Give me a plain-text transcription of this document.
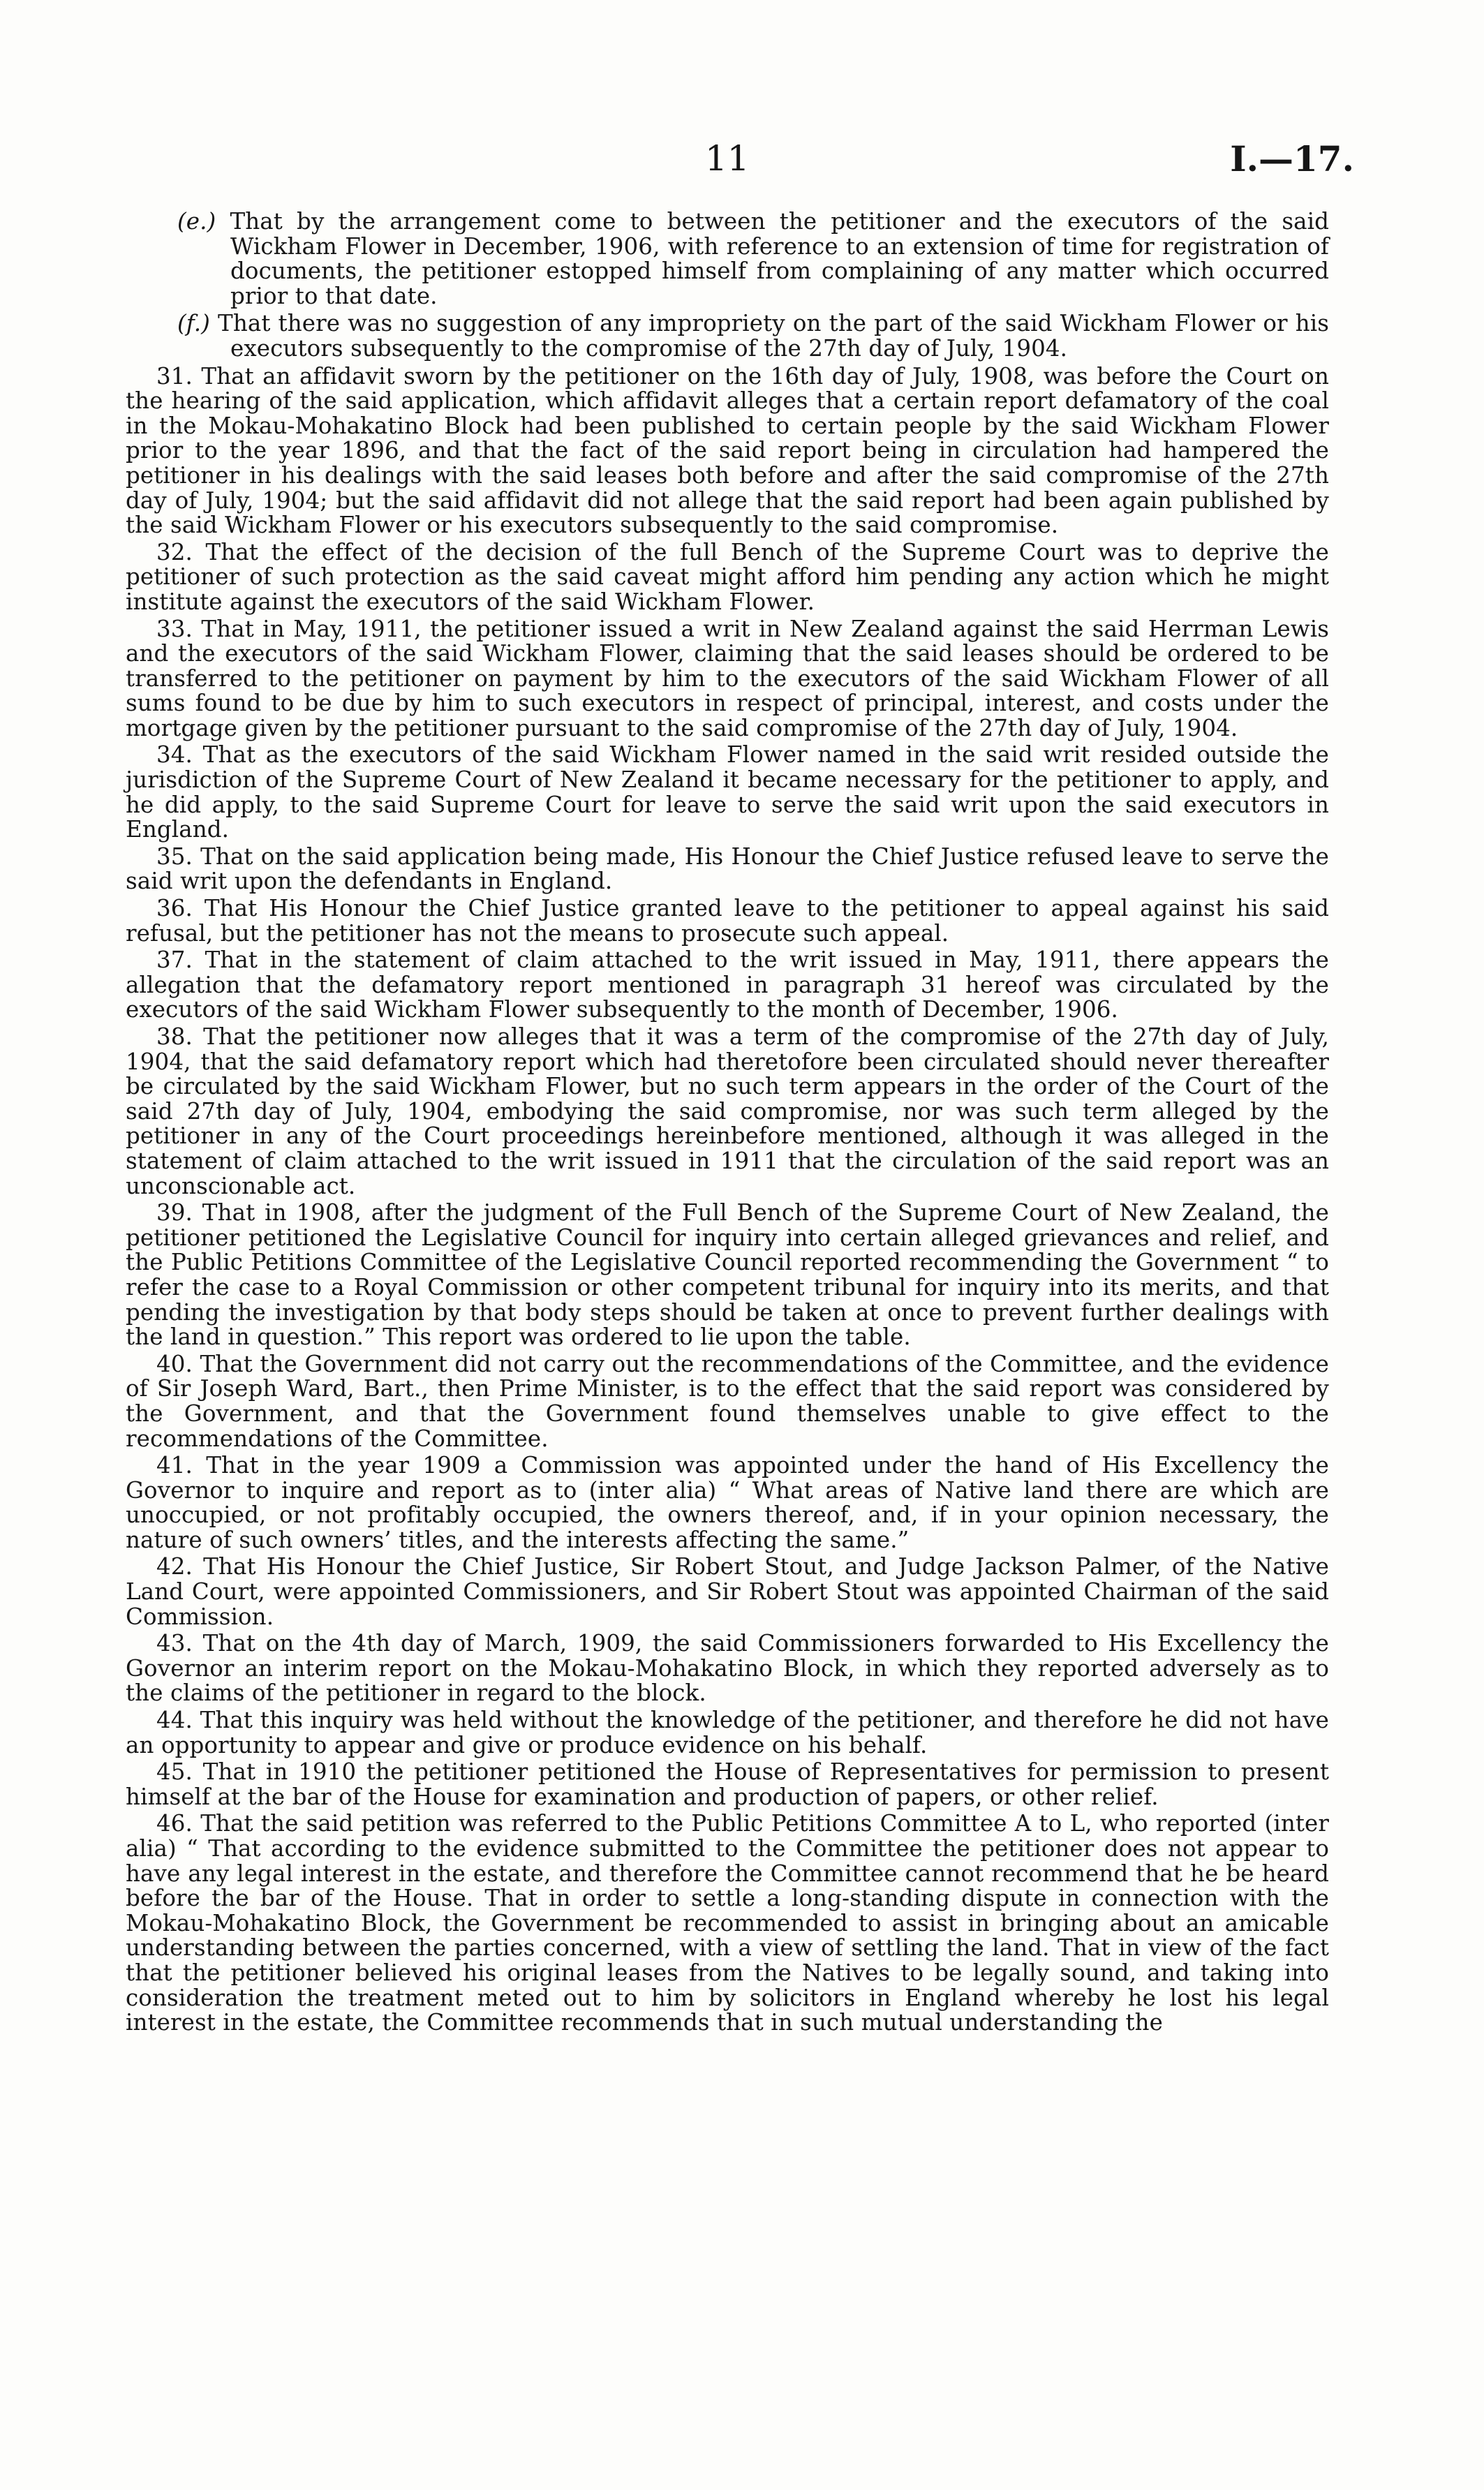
11	I.—17.

(e.) That by the arrangement come to between the petitioner and the executors of the said Wickham Flower in December, 1906, with reference to an extension of time for registration of documents, the petitioner estopped himself from complaining of any matter which occurred prior to that date.

(f.) That there was no suggestion of any impropriety on the part of the said Wickham Flower or his executors subsequently to the compromise of the 27th day of July, 1904.

31. That an affidavit sworn by the petitioner on the 16th day of July, 1908, was before the Court on the hearing of the said application, which affidavit alleges that a certain report defamatory of the coal in the Mokau-Mohakatino Block had been published to certain people by the said Wickham Flower prior to the year 1896, and that the fact of the said report being in circulation had hampered the petitioner in his dealings with the said leases both before and after the said compromise of the 27th day of July, 1904; but the said affidavit did not allege that the said report had been again published by the said Wickham Flower or his executors subsequently to the said compromise.

32. That the effect of the decision of the full Bench of the Supreme Court was to deprive the petitioner of such protection as the said caveat might afford him pending any action which he might institute against the executors of the said Wickham Flower.

33. That in May, 1911, the petitioner issued a writ in New Zealand against the said Herrman Lewis and the executors of the said Wickham Flower, claiming that the said leases should be ordered to be transferred to the petitioner on payment by him to the executors of the said Wickham Flower of all sums found to be due by him to such executors in respect of principal, interest, and costs under the mortgage given by the petitioner pursuant to the said compromise of the 27th day of July, 1904.

34. That as the executors of the said Wickham Flower named in the said writ resided outside the jurisdiction of the Supreme Court of New Zealand it became necessary for the petitioner to apply, and he did apply, to the said Supreme Court for leave to serve the said writ upon the said executors in England.

35. That on the said application being made, His Honour the Chief Justice refused leave to serve the said writ upon the defendants in England.

36. That His Honour the Chief Justice granted leave to the petitioner to appeal against his said refusal, but the petitioner has not the means to prosecute such appeal.

37. That in the statement of claim attached to the writ issued in May, 1911, there appears the allegation that the defamatory report mentioned in paragraph 31 hereof was circulated by the executors of the said Wickham Flower subsequently to the month of December, 1906.

38. That the petitioner now alleges that it was a term of the compromise of the 27th day of July, 1904, that the said defamatory report which had theretofore been circulated should never thereafter be circulated by the said Wickham Flower, but no such term appears in the order of the Court of the said 27th day of July, 1904, embodying the said compromise, nor was such term alleged by the petitioner in any of the Court proceedings hereinbefore mentioned, although it was alleged in the statement of claim attached to the writ issued in 1911 that the circulation of the said report was an unconscionable act.

39. That in 1908, after the judgment of the Full Bench of the Supreme Court of New Zealand, the petitioner petitioned the Legislative Council for inquiry into certain alleged grievances and relief, and the Public Petitions Committee of the Legislative Council reported recommending the Government “ to refer the case to a Royal Commission or other competent tribunal for inquiry into its merits, and that pending the investigation by that body steps should be taken at once to prevent further dealings with the land in question.” This report was ordered to lie upon the table.

40. That the Government did not carry out the recommendations of the Committee, and the evidence of Sir Joseph Ward, Bart., then Prime Minister, is to the effect that the said report was considered by the Government, and that the Government found themselves unable to give effect to the recommendations of the Committee.

41. That in the year 1909 a Commission was appointed under the hand of His Excellency the Governor to inquire and report as to (inter alia) “ What areas of Native land there are which are unoccupied, or not profitably occupied, the owners thereof, and, if in your opinion necessary, the nature of such owners’ titles, and the interests affecting the same.”

42. That His Honour the Chief Justice, Sir Robert Stout, and Judge Jackson Palmer, of the Native Land Court, were appointed Commissioners, and Sir Robert Stout was appointed Chairman of the said Commission.

43. That on the 4th day of March, 1909, the said Commissioners forwarded to His Excellency the Governor an interim report on the Mokau-Mohakatino Block, in which they reported adversely as to the claims of the petitioner in regard to the block.

44. That this inquiry was held without the knowledge of the petitioner, and therefore he did not have an opportunity to appear and give or produce evidence on his behalf.

45. That in 1910 the petitioner petitioned the House of Representatives for permission to present himself at the bar of the House for examination and production of papers, or other relief.

46. That the said petition was referred to the Public Petitions Committee A to L, who reported (inter alia) “ That according to the evidence submitted to the Committee the petitioner does not appear to have any legal interest in the estate, and therefore the Committee cannot recommend that he be heard before the bar of the House. That in order to settle a long-standing dispute in connection with the Mokau-Mohakatino Block, the Government be recommended to assist in bringing about an amicable understanding between the parties concerned, with a view of settling the land. That in view of the fact that the petitioner believed his original leases from the Natives to be legally sound, and taking into consideration the treatment meted out to him by solicitors in England whereby he lost his legal interest in the estate, the Committee recommends that in such mutual understanding the
